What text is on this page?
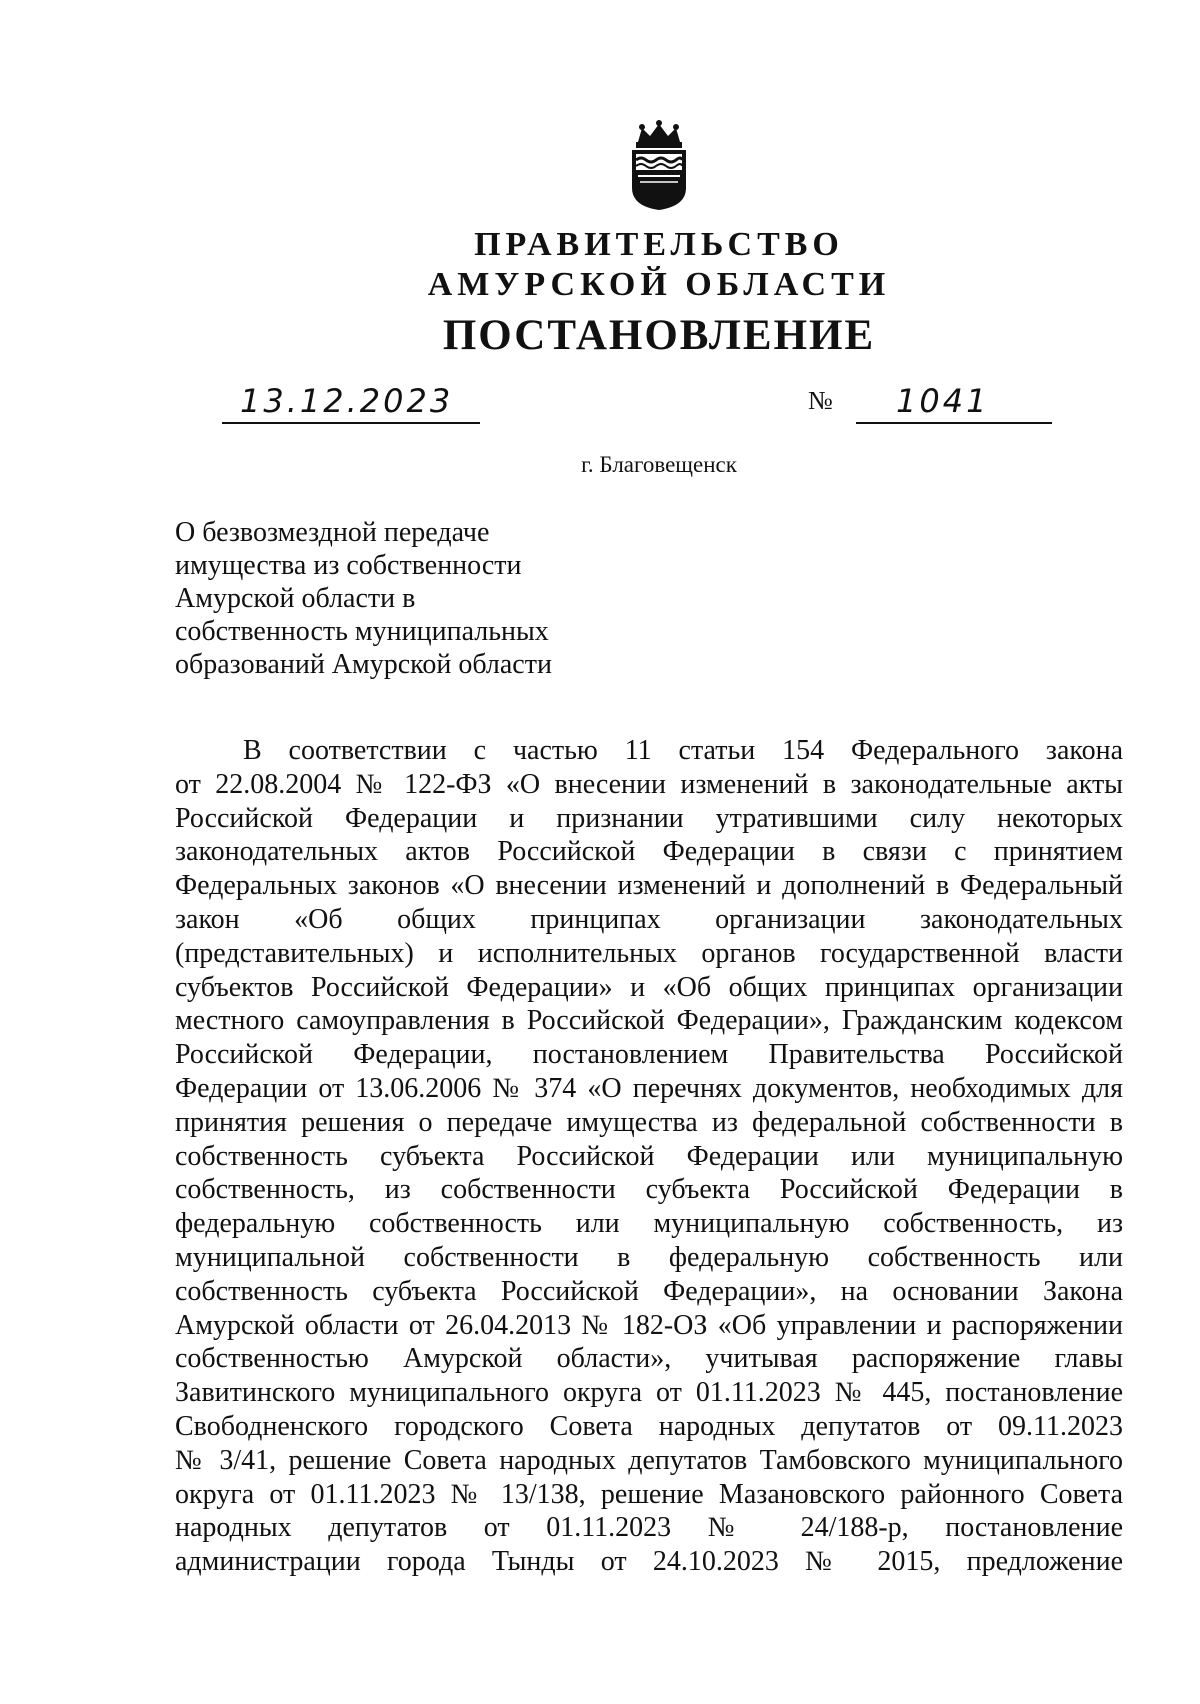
ПРАВИТЕЛЬСТВО
АМУРСКОЙ ОБЛАСТИ
ПОСТАНОВЛЕНИЕ
13.12.2023	№ 1041
г. Благовещенск
О безвозмездной передаче
имущества из собственности
Амурской области в
собственность муниципальных
образований Амурской области
В соответствии с частью 11 статьи 154 Федерального закона
от 22.08.2004 № 122-ФЗ «О внесении изменений в законодательные акты
Российской Федерации и признании утратившими силу некоторых
законодательных актов Российской Федерации в связи с принятием
Федеральных законов «О внесении изменений и дополнений в Федеральный
закон «Об общих принципах организации законодательных
(представительных) и исполнительных органов государственной власти
субъектов Российской Федерации» и «Об общих принципах организации
местного самоуправления в Российской Федерации», Гражданским кодексом
Российской Федерации, постановлением Правительства Российской
Федерации от 13.06.2006 № 374 «О перечнях документов, необходимых для
принятия решения о передаче имущества из федеральной собственности в
собственность субъекта Российской Федерации или муниципальную
собственность, из собственности субъекта Российской Федерации в
федеральную собственность или муниципальную собственность, из
муниципальной собственности в федеральную собственность или
собственность субъекта Российской Федерации», на основании Закона
Амурской области от 26.04.2013 № 182-ОЗ «Об управлении и распоряжении
собственностью Амурской области», учитывая распоряжение главы
Завитинского муниципального округа от 01.11.2023 № 445, постановление
Свободненского городского Совета народных депутатов от 09.11.2023
№ 3/41, решение Совета народных депутатов Тамбовского муниципального
округа от 01.11.2023 № 13/138, решение Мазановского районного Совета
народных депутатов от 01.11.2023 № 24/188-р, постановление
администрации города Тынды от 24.10.2023 № 2015, предложение
